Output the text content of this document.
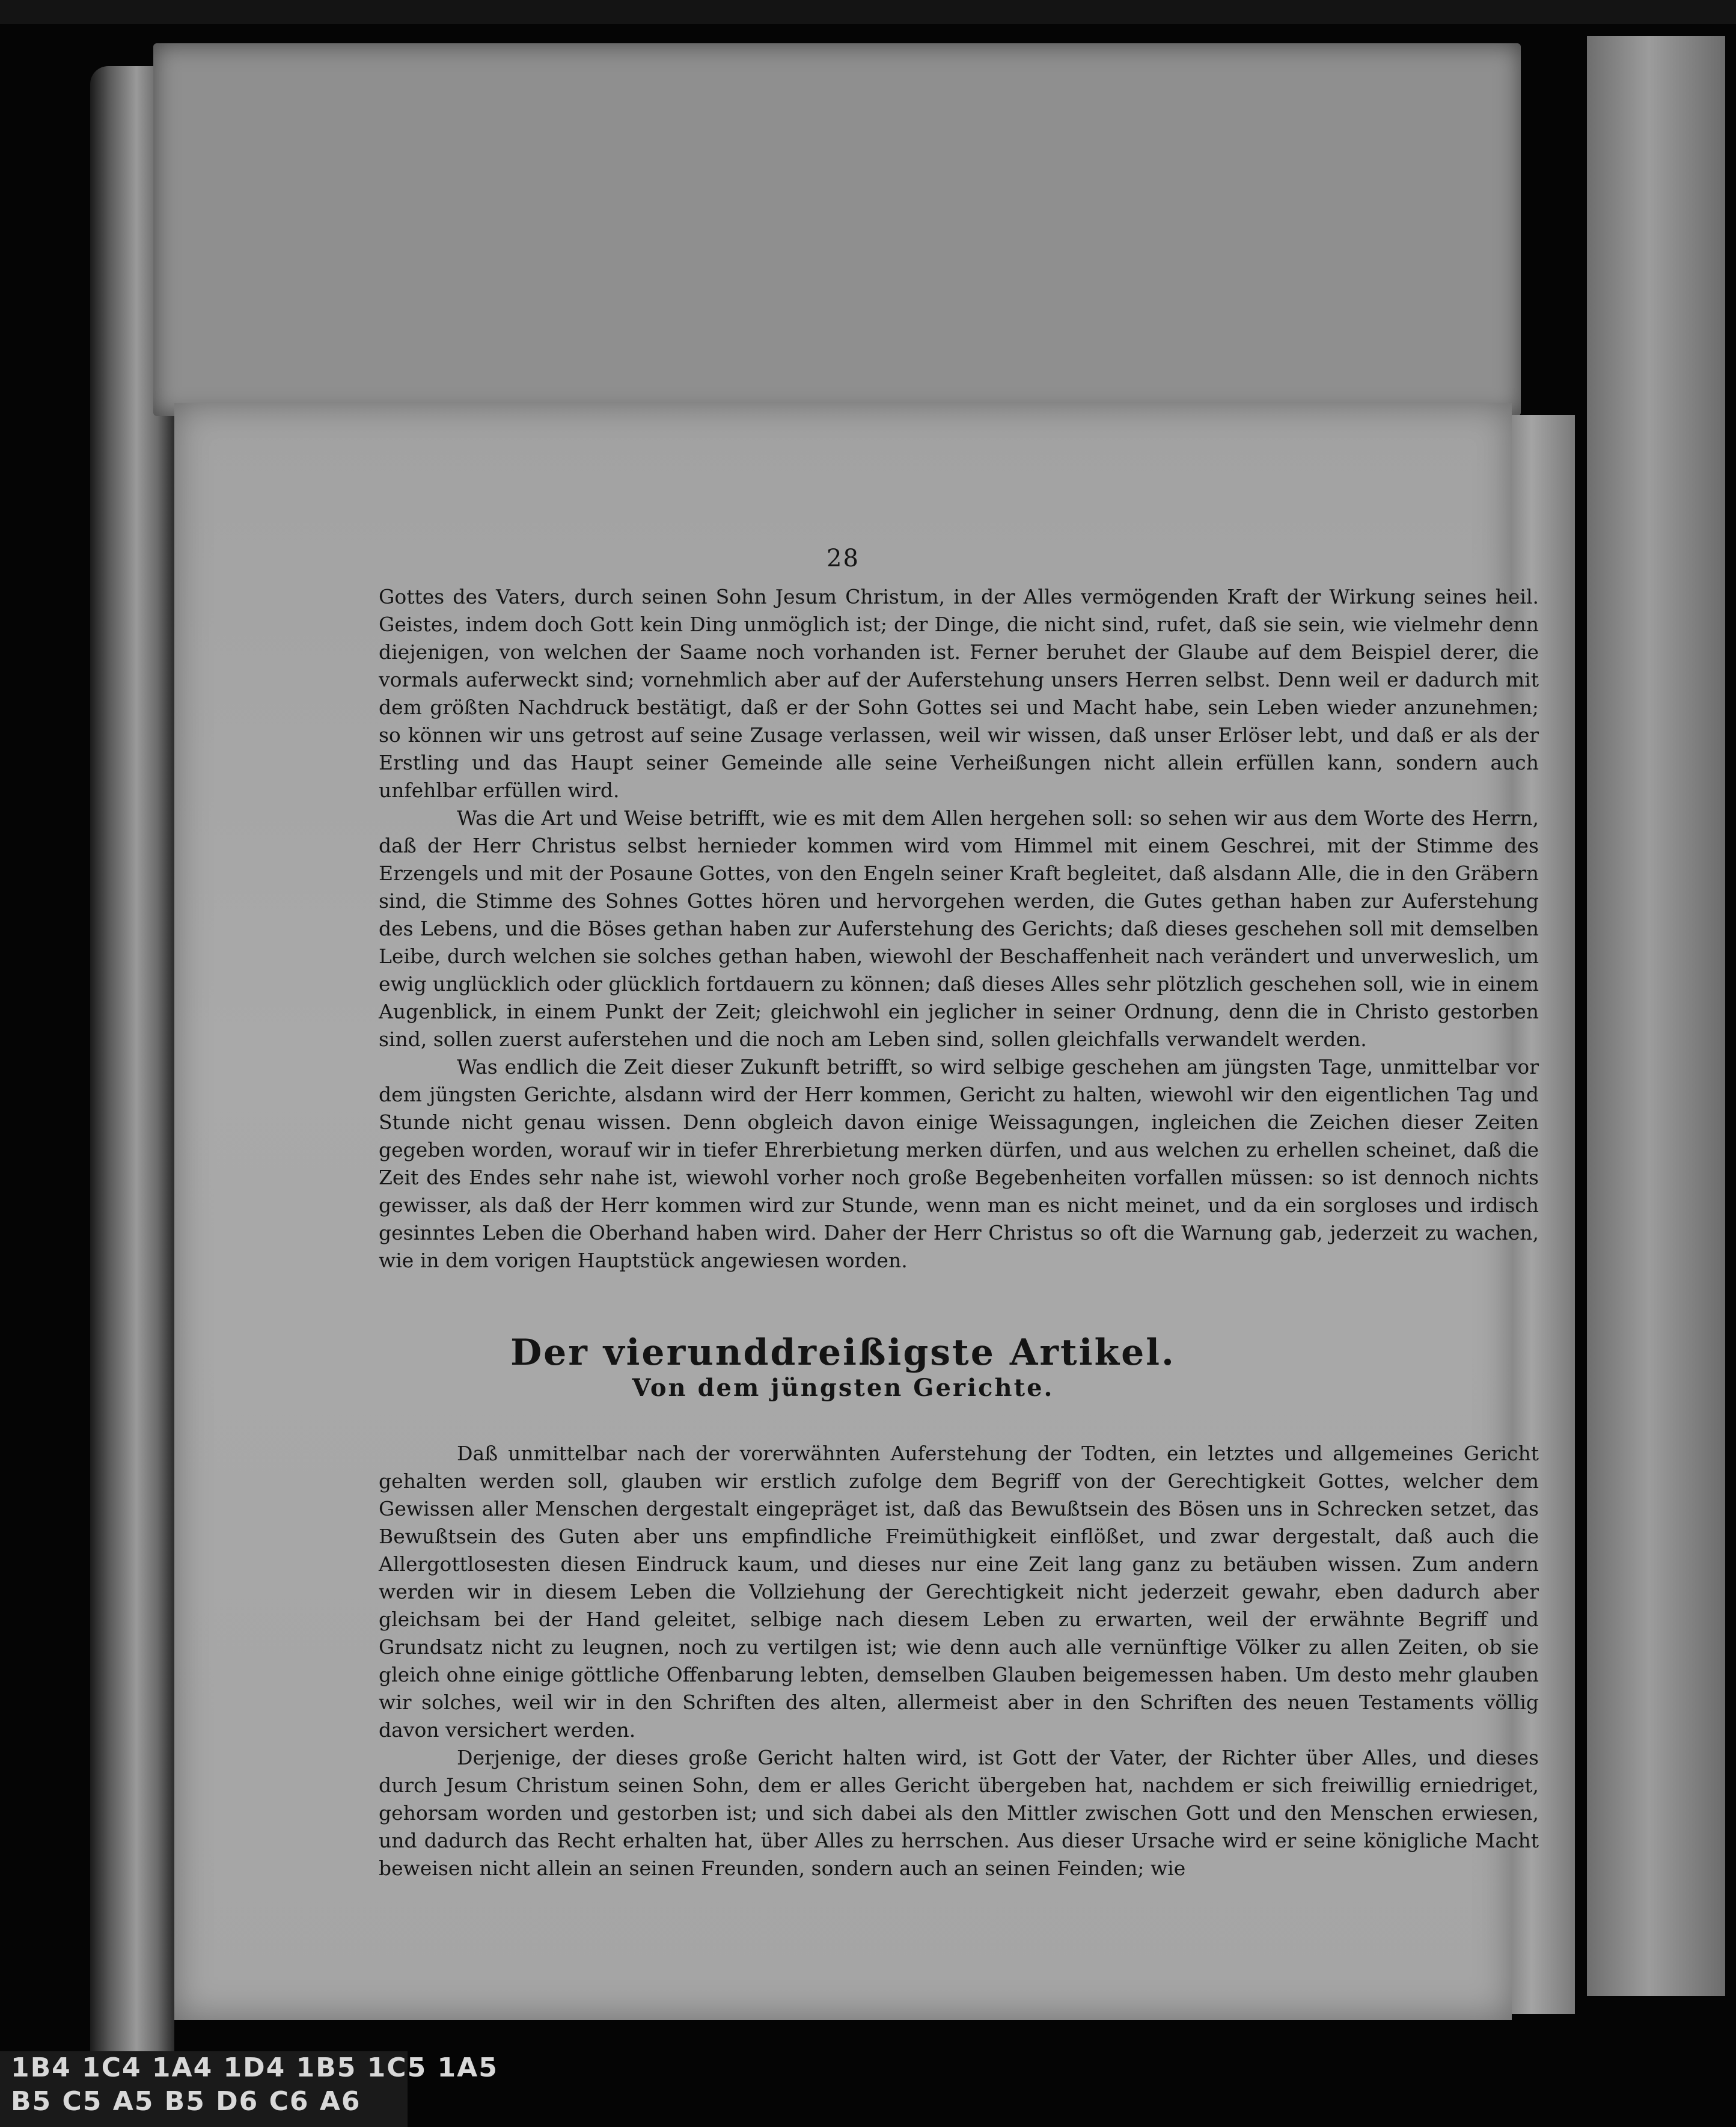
28

Gottes des Vaters, durch seinen Sohn Jesum Christum, in der Alles vermögenden Kraft der Wirkung seines heil. Geistes, indem doch Gott kein Ding unmöglich ist; der Dinge, die nicht sind, rufet, daß sie sein, wie vielmehr denn diejenigen, von welchen der Saame noch vorhanden ist. Ferner beruhet der Glaube auf dem Beispiel derer, die vormals auferweckt sind; vornehmlich aber auf der Auferstehung unsers Herren selbst. Denn weil er dadurch mit dem größten Nachdruck bestätigt, daß er der Sohn Gottes sei und Macht habe, sein Leben wieder anzunehmen; so können wir uns getrost auf seine Zusage verlassen, weil wir wissen, daß unser Erlöser lebt, und daß er als der Erstling und das Haupt seiner Gemeinde alle seine Verheißungen nicht allein erfüllen kann, sondern auch unfehlbar erfüllen wird.

Was die Art und Weise betrifft, wie es mit dem Allen hergehen soll: so sehen wir aus dem Worte des Herrn, daß der Herr Christus selbst hernieder kommen wird vom Himmel mit einem Geschrei, mit der Stimme des Erzengels und mit der Posaune Gottes, von den Engeln seiner Kraft begleitet, daß alsdann Alle, die in den Gräbern sind, die Stimme des Sohnes Gottes hören und hervorgehen werden, die Gutes gethan haben zur Auferstehung des Lebens, und die Böses gethan haben zur Auferstehung des Gerichts; daß dieses geschehen soll mit demselben Leibe, durch welchen sie solches gethan haben, wiewohl der Beschaffenheit nach verändert und unverweslich, um ewig unglücklich oder glücklich fortdauern zu können; daß dieses Alles sehr plötzlich geschehen soll, wie in einem Augenblick, in einem Punkt der Zeit; gleichwohl ein jeglicher in seiner Ordnung, denn die in Christo gestorben sind, sollen zuerst auferstehen und die noch am Leben sind, sollen gleichfalls verwandelt werden.

Was endlich die Zeit dieser Zukunft betrifft, so wird selbige geschehen am jüngsten Tage, unmittelbar vor dem jüngsten Gerichte, alsdann wird der Herr kommen, Gericht zu halten, wiewohl wir den eigentlichen Tag und Stunde nicht genau wissen. Denn obgleich davon einige Weissagungen, ingleichen die Zeichen dieser Zeiten gegeben worden, worauf wir in tiefer Ehrerbietung merken dürfen, und aus welchen zu erhellen scheinet, daß die Zeit des Endes sehr nahe ist, wiewohl vorher noch große Begebenheiten vorfallen müssen: so ist dennoch nichts gewisser, als daß der Herr kommen wird zur Stunde, wenn man es nicht meinet, und da ein sorgloses und irdisch gesinntes Leben die Oberhand haben wird. Daher der Herr Christus so oft die Warnung gab, jederzeit zu wachen, wie in dem vorigen Hauptstück angewiesen worden.

Der vierunddreißigste Artikel.
Von dem jüngsten Gerichte.

Daß unmittelbar nach der vorerwähnten Auferstehung der Todten, ein letztes und allgemeines Gericht gehalten werden soll, glauben wir erstlich zufolge dem Begriff von der Gerechtigkeit Gottes, welcher dem Gewissen aller Menschen dergestalt eingepräget ist, daß das Bewußtsein des Bösen uns in Schrecken setzet, das Bewußtsein des Guten aber uns empfindliche Freimüthigkeit einflößet, und zwar dergestalt, daß auch die Allergottlosesten diesen Eindruck kaum, und dieses nur eine Zeit lang ganz zu betäuben wissen. Zum andern werden wir in diesem Leben die Vollziehung der Gerechtigkeit nicht jederzeit gewahr, eben dadurch aber gleichsam bei der Hand geleitet, selbige nach diesem Leben zu erwarten, weil der erwähnte Begriff und Grundsatz nicht zu leugnen, noch zu vertilgen ist; wie denn auch alle vernünftige Völker zu allen Zeiten, ob sie gleich ohne einige göttliche Offenbarung lebten, demselben Glauben beigemessen haben. Um desto mehr glauben wir solches, weil wir in den Schriften des alten, allermeist aber in den Schriften des neuen Testaments völlig davon versichert werden.

Derjenige, der dieses große Gericht halten wird, ist Gott der Vater, der Richter über Alles, und dieses durch Jesum Christum seinen Sohn, dem er alles Gericht übergeben hat, nachdem er sich freiwillig erniedriget, gehorsam worden und gestorben ist; und sich dabei als den Mittler zwischen Gott und den Menschen erwiesen, und dadurch das Recht erhalten hat, über Alles zu herrschen. Aus dieser Ursache wird er seine königliche Macht beweisen nicht allein an seinen Freunden, sondern auch an seinen Feinden; wie

1B4 1C4 1A4 1D4 1B5 1C5 1A5
B5 C5 A5 B5 D6 C6 A6
